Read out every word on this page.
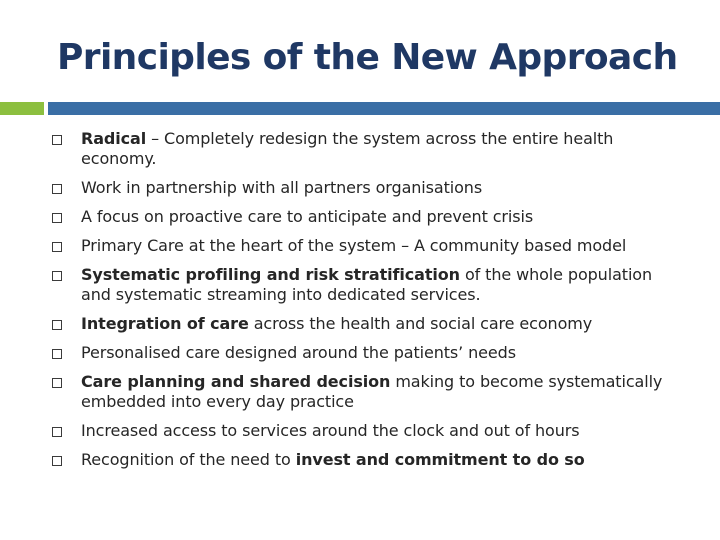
Principles of the New Approach
Radical – Completely redesign the system across the entire health economy.
Work in partnership with all partners organisations
A focus on proactive care to anticipate and prevent crisis
Primary Care at the heart of the system – A community based model
Systematic profiling and risk stratification of the whole population and systematic streaming into dedicated services.
Integration of care across the health and social care economy
Personalised care designed around the patients’ needs
Care planning and shared decision making to become systematically embedded into every day practice
Increased access to services around the clock and out of hours
Recognition of the need to invest and commitment to do so
